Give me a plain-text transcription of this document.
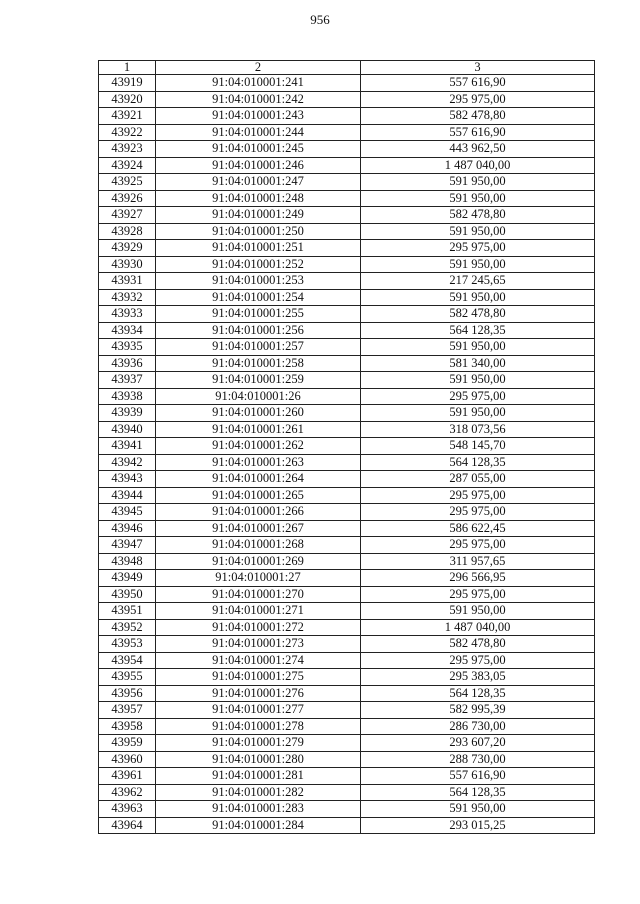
956
1	2	3
43919	91:04:010001:241	557 616,90
43920	91:04:010001:242	295 975,00
43921	91:04:010001:243	582 478,80
43922	91:04:010001:244	557 616,90
43923	91:04:010001:245	443 962,50
43924	91:04:010001:246	1 487 040,00
43925	91:04:010001:247	591 950,00
43926	91:04:010001:248	591 950,00
43927	91:04:010001:249	582 478,80
43928	91:04:010001:250	591 950,00
43929	91:04:010001:251	295 975,00
43930	91:04:010001:252	591 950,00
43931	91:04:010001:253	217 245,65
43932	91:04:010001:254	591 950,00
43933	91:04:010001:255	582 478,80
43934	91:04:010001:256	564 128,35
43935	91:04:010001:257	591 950,00
43936	91:04:010001:258	581 340,00
43937	91:04:010001:259	591 950,00
43938	91:04:010001:26	295 975,00
43939	91:04:010001:260	591 950,00
43940	91:04:010001:261	318 073,56
43941	91:04:010001:262	548 145,70
43942	91:04:010001:263	564 128,35
43943	91:04:010001:264	287 055,00
43944	91:04:010001:265	295 975,00
43945	91:04:010001:266	295 975,00
43946	91:04:010001:267	586 622,45
43947	91:04:010001:268	295 975,00
43948	91:04:010001:269	311 957,65
43949	91:04:010001:27	296 566,95
43950	91:04:010001:270	295 975,00
43951	91:04:010001:271	591 950,00
43952	91:04:010001:272	1 487 040,00
43953	91:04:010001:273	582 478,80
43954	91:04:010001:274	295 975,00
43955	91:04:010001:275	295 383,05
43956	91:04:010001:276	564 128,35
43957	91:04:010001:277	582 995,39
43958	91:04:010001:278	286 730,00
43959	91:04:010001:279	293 607,20
43960	91:04:010001:280	288 730,00
43961	91:04:010001:281	557 616,90
43962	91:04:010001:282	564 128,35
43963	91:04:010001:283	591 950,00
43964	91:04:010001:284	293 015,25
